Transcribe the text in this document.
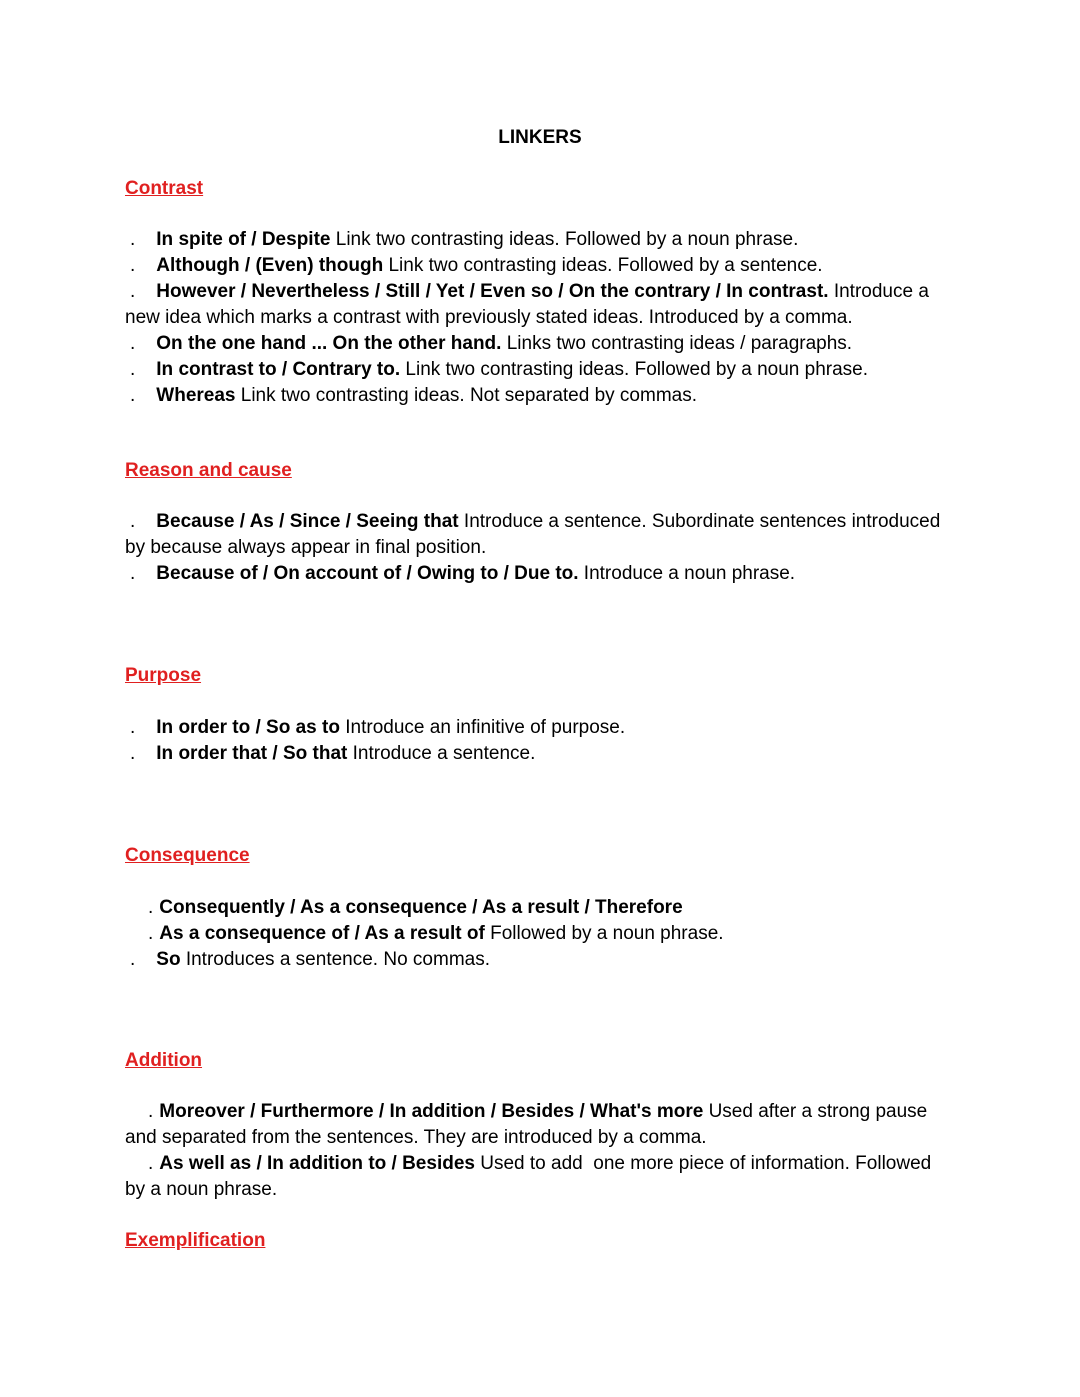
LINKERS
Contrast

. In spite of / Despite Link two contrasting ideas. Followed by a noun phrase.

. Although / (Even) though Link two contrasting ideas. Followed by a sentence.

. However / Nevertheless / Still / Yet / Even so / On the contrary / In contrast. Introduce a new idea which marks a contrast with previously stated ideas. Introduced by a comma.

. On the one hand ... On the other hand. Links two contrasting ideas / paragraphs.

. In contrast to / Contrary to. Link two contrasting ideas. Followed by a noun phrase.

. Whereas Link two contrasting ideas. Not separated by commas.

Reason and cause

. Because / As / Since / Seeing that Introduce a sentence. Subordinate sentences introduced by because always appear in final position.

. Because of / On account of / Owing to / Due to. Introduce a noun phrase.

Purpose

. In order to / So as to Introduce an infinitive of purpose.

. In order that / So that Introduce a sentence.

Consequence

. Consequently / As a consequence / As a result / Therefore

. As a consequence of / As a result of Followed by a noun phrase.

. So Introduces a sentence. No commas.

Addition

. Moreover / Furthermore / In addition / Besides / What's more Used after a strong pause and separated from the sentences. They are introduced by a comma.

. As well as / In addition to / Besides Used to add  one more piece of information. Followed by a noun phrase.

Exemplification
